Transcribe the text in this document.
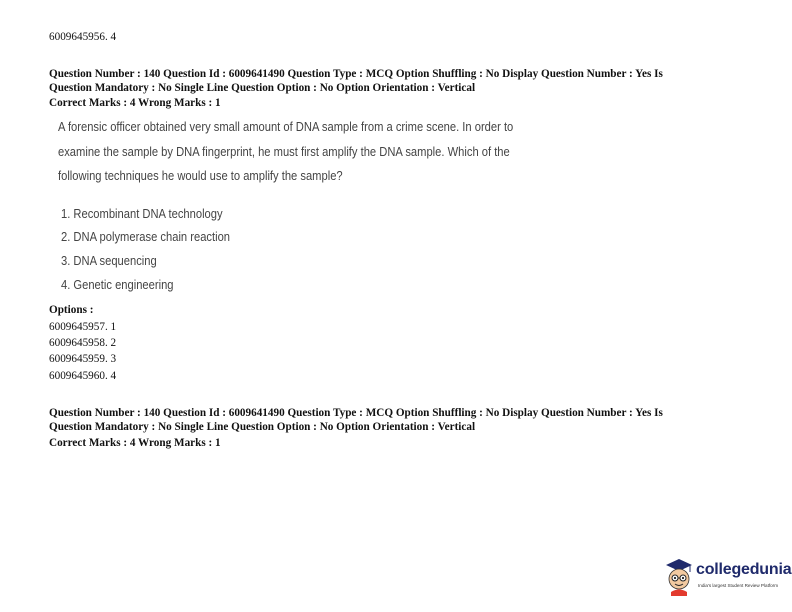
6009645956. 4
Question Number : 140 Question Id : 6009641490 Question Type : MCQ Option Shuffling : No Display Question Number : Yes Is
Question Mandatory : No Single Line Question Option : No Option Orientation : Vertical
Correct Marks : 4 Wrong Marks : 1
A forensic officer obtained very small amount of DNA sample from a crime scene. In order to
examine the sample by DNA fingerprint, he must first amplify the DNA sample. Which of the
following techniques he would use to amplify the sample?
1. Recombinant DNA technology
2. DNA polymerase chain reaction
3. DNA sequencing
4. Genetic engineering
Options :
6009645957. 1
6009645958. 2
6009645959. 3
6009645960. 4
Question Number : 140 Question Id : 6009641490 Question Type : MCQ Option Shuffling : No Display Question Number : Yes Is
Question Mandatory : No Single Line Question Option : No Option Orientation : Vertical
Correct Marks : 4 Wrong Marks : 1
collegedunia
India's largest Student Review Platform
